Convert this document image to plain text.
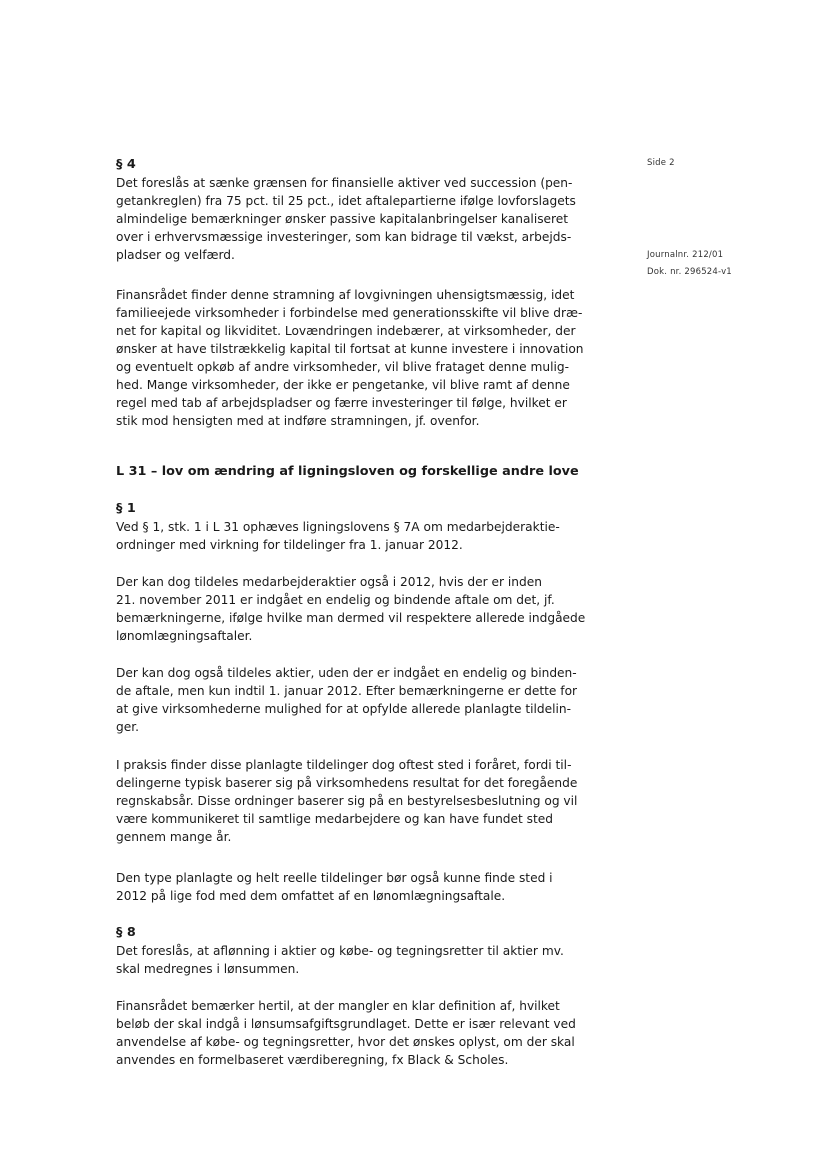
Side 2
Journalnr. 212/01
Dok. nr. 296524-v1
§ 4
Det foreslås at sænke grænsen for finansielle aktiver ved succession (pen-
getankreglen) fra 75 pct. til 25 pct., idet aftalepartierne ifølge lovforslagets
almindelige bemærkninger ønsker passive kapitalanbringelser kanaliseret
over i erhvervsmæssige investeringer, som kan bidrage til vækst, arbejds-
pladser og velfærd.
Finansrådet finder denne stramning af lovgivningen uhensigtsmæssig, idet
familieejede virksomheder i forbindelse med generationsskifte vil blive dræ-
net for kapital og likviditet. Lovændringen indebærer, at virksomheder, der
ønsker at have tilstrækkelig kapital til fortsat at kunne investere i innovation
og eventuelt opkøb af andre virksomheder, vil blive frataget denne mulig-
hed. Mange virksomheder, der ikke er pengetanke, vil blive ramt af denne
regel med tab af arbejdspladser og færre investeringer til følge, hvilket er
stik mod hensigten med at indføre stramningen, jf. ovenfor.
L 31 – lov om ændring af ligningsloven og forskellige andre love
§ 1
Ved § 1, stk. 1 i L 31 ophæves ligningslovens § 7A om medarbejderaktie-
ordninger med virkning for tildelinger fra 1. januar 2012.
Der kan dog tildeles medarbejderaktier også i 2012, hvis der er inden
21. november 2011 er indgået en endelig og bindende aftale om det, jf.
bemærkningerne, ifølge hvilke man dermed vil respektere allerede indgåede
lønomlægningsaftaler.
Der kan dog også tildeles aktier, uden der er indgået en endelig og binden-
de aftale, men kun indtil 1. januar 2012. Efter bemærkningerne er dette for
at give virksomhederne mulighed for at opfylde allerede planlagte tildelin-
ger.
I praksis finder disse planlagte tildelinger dog oftest sted i foråret, fordi til-
delingerne typisk baserer sig på virksomhedens resultat for det foregående
regnskabsår. Disse ordninger baserer sig på en bestyrelsesbeslutning og vil
være kommunikeret til samtlige medarbejdere og kan have fundet sted
gennem mange år.
Den type planlagte og helt reelle tildelinger bør også kunne finde sted i
2012 på lige fod med dem omfattet af en lønomlægningsaftale.
§ 8
Det foreslås, at aflønning i aktier og købe- og tegningsretter til aktier mv.
skal medregnes i lønsummen.
Finansrådet bemærker hertil, at der mangler en klar definition af, hvilket
beløb der skal indgå i lønsumsafgiftsgrundlaget. Dette er især relevant ved
anvendelse af købe- og tegningsretter, hvor det ønskes oplyst, om der skal
anvendes en formelbaseret værdiberegning, fx Black & Scholes.
